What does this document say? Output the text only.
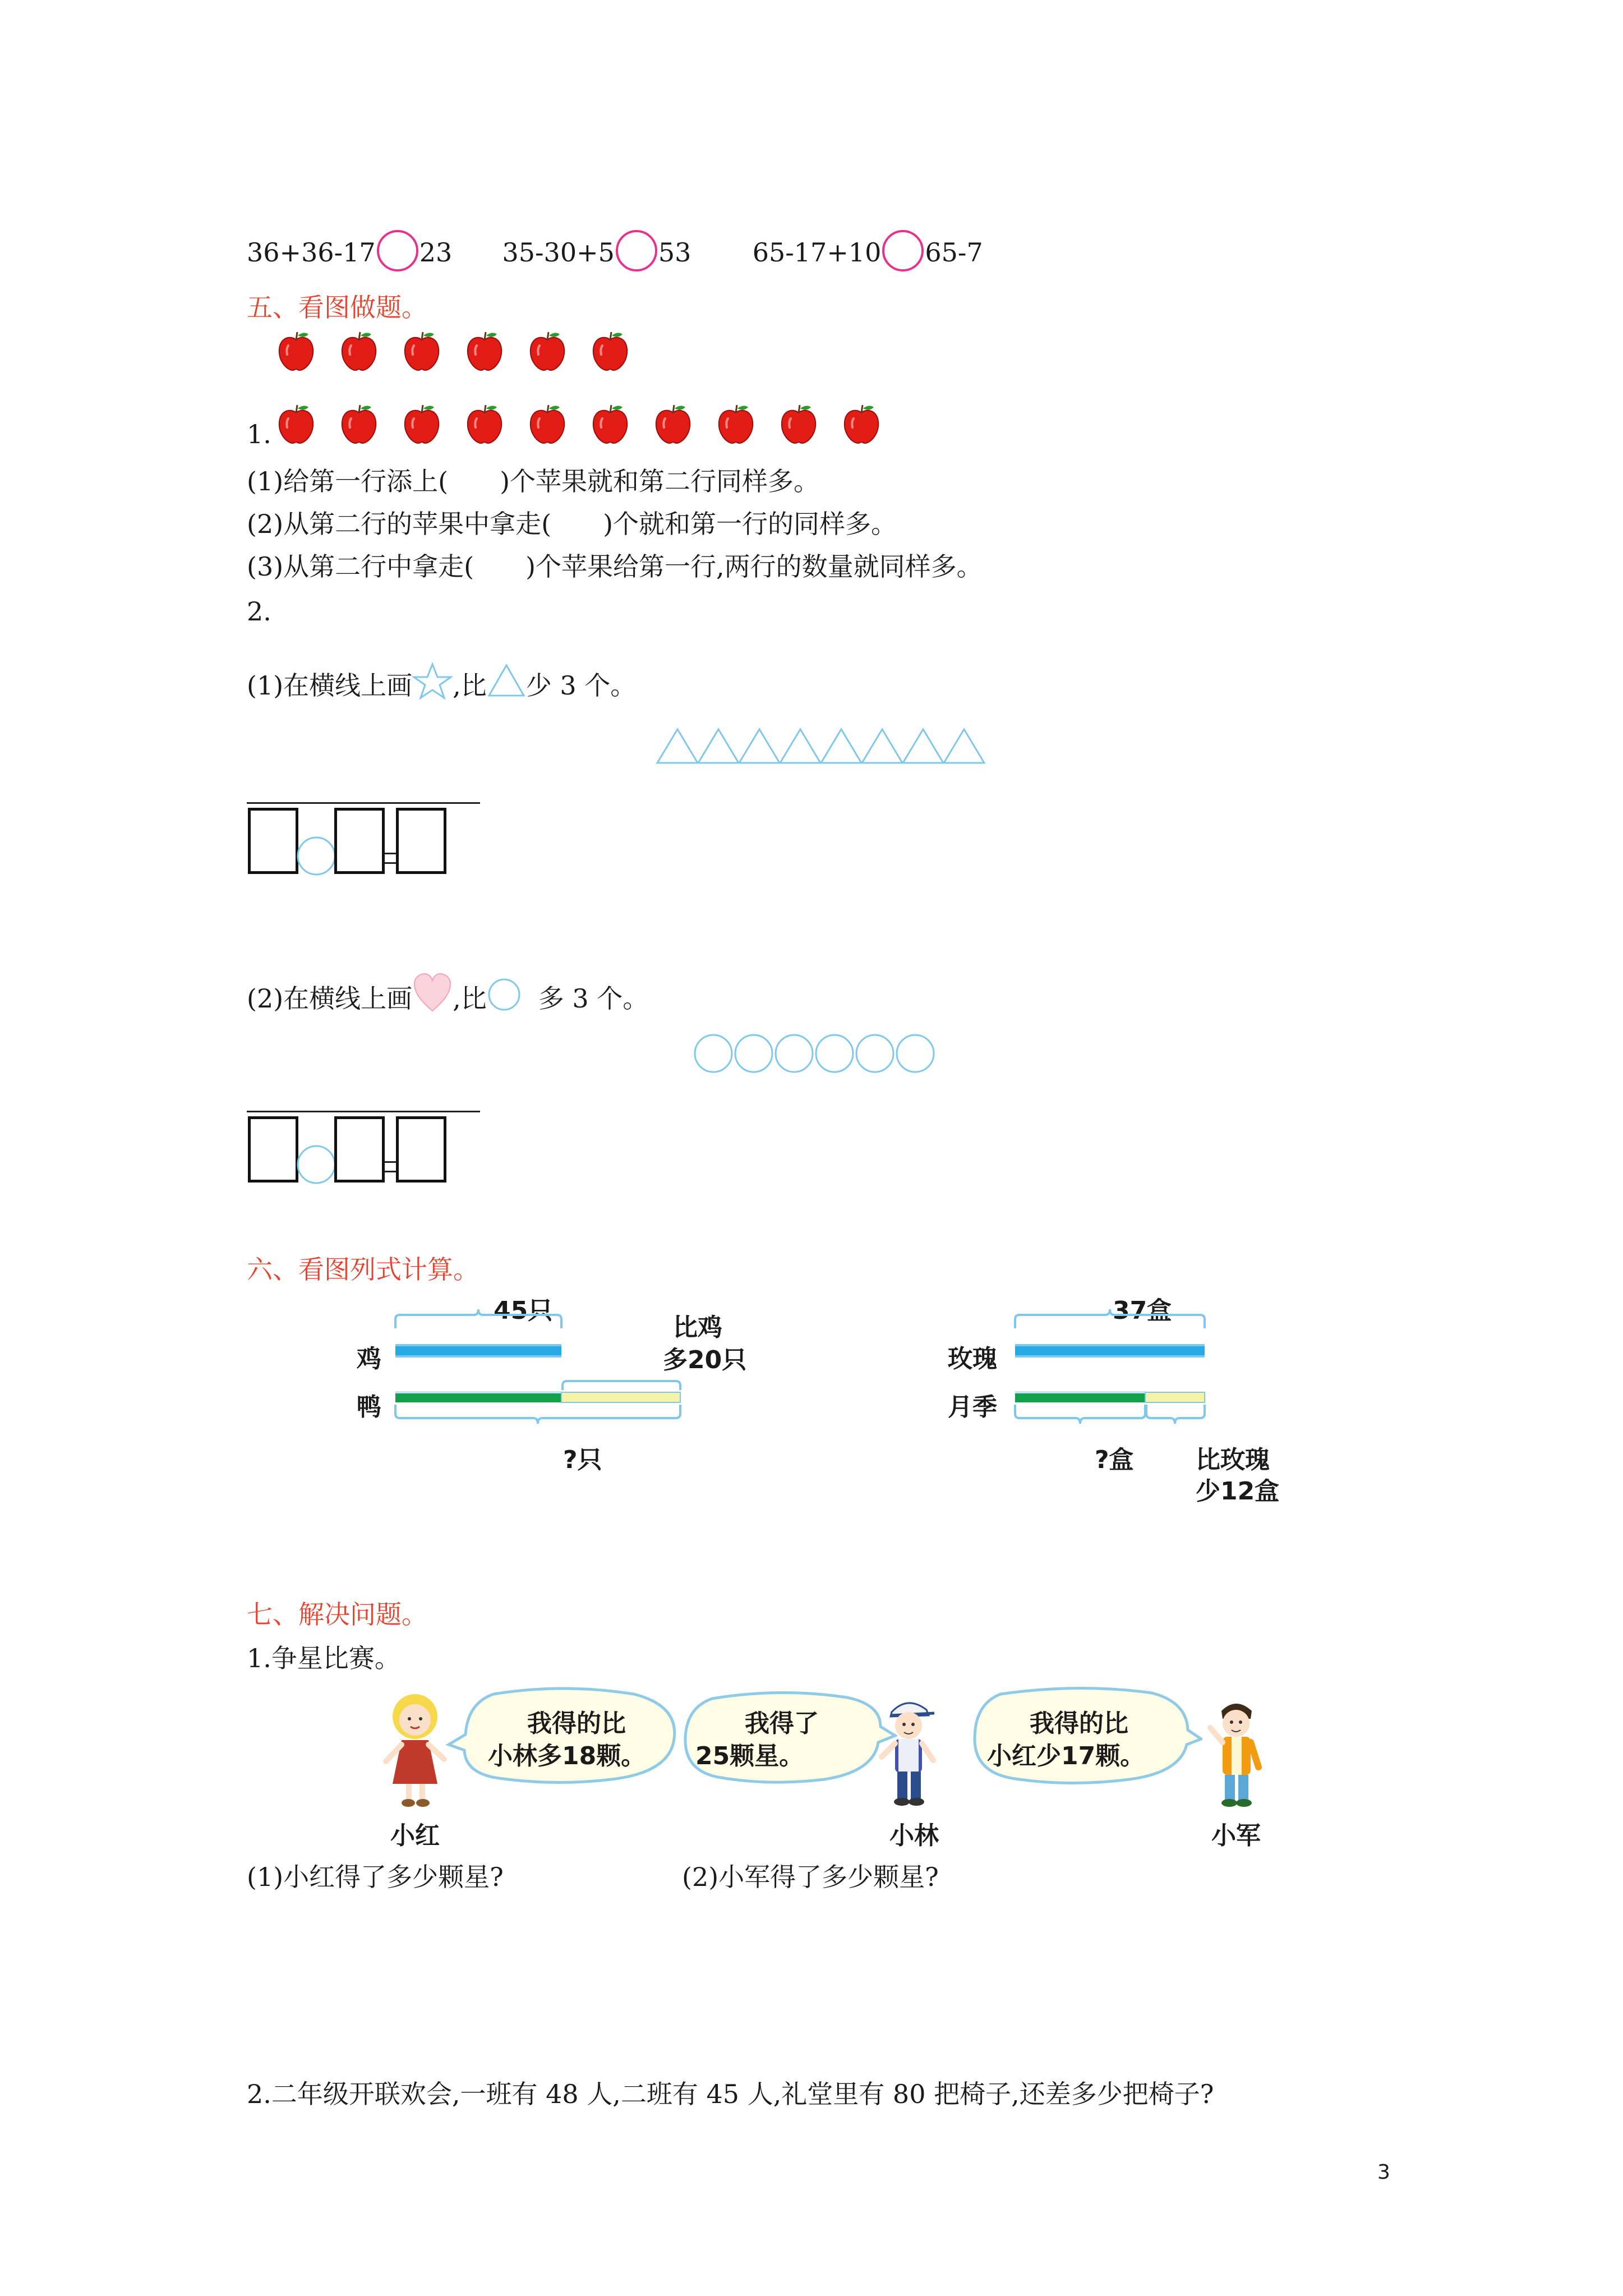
36+36-17 23 35-30+5 53 65-17+10 65-7
五、看图做题。
1.
(1)给第一行添上(　　)个苹果就和第二行同样多。
(2)从第二行的苹果中拿走(　　)个就和第一行的同样多。
(3)从第二行中拿走(　　)个苹果给第一行,两行的数量就同样多。
2.
(1)在横线上画 ,比 少 3 个。
(2)在横线上画 ,比 多 3 个。
六、看图列式计算。
45只
鸡
鸭
比鸡
多20只
?只
37盒
玫瑰
月季
?盒	比玫瑰
少12盒
七、解决问题。
1.争星比赛。
我得的比
小林多18颗。
我得了
25颗星。
我得的比
小红少17颗。
小红	小林	小军
(1)小红得了多少颗星?	(2)小军得了多少颗星?
2.二年级开联欢会,一班有 48 人,二班有 45 人,礼堂里有 80 把椅子,还差多少把椅子?
3
